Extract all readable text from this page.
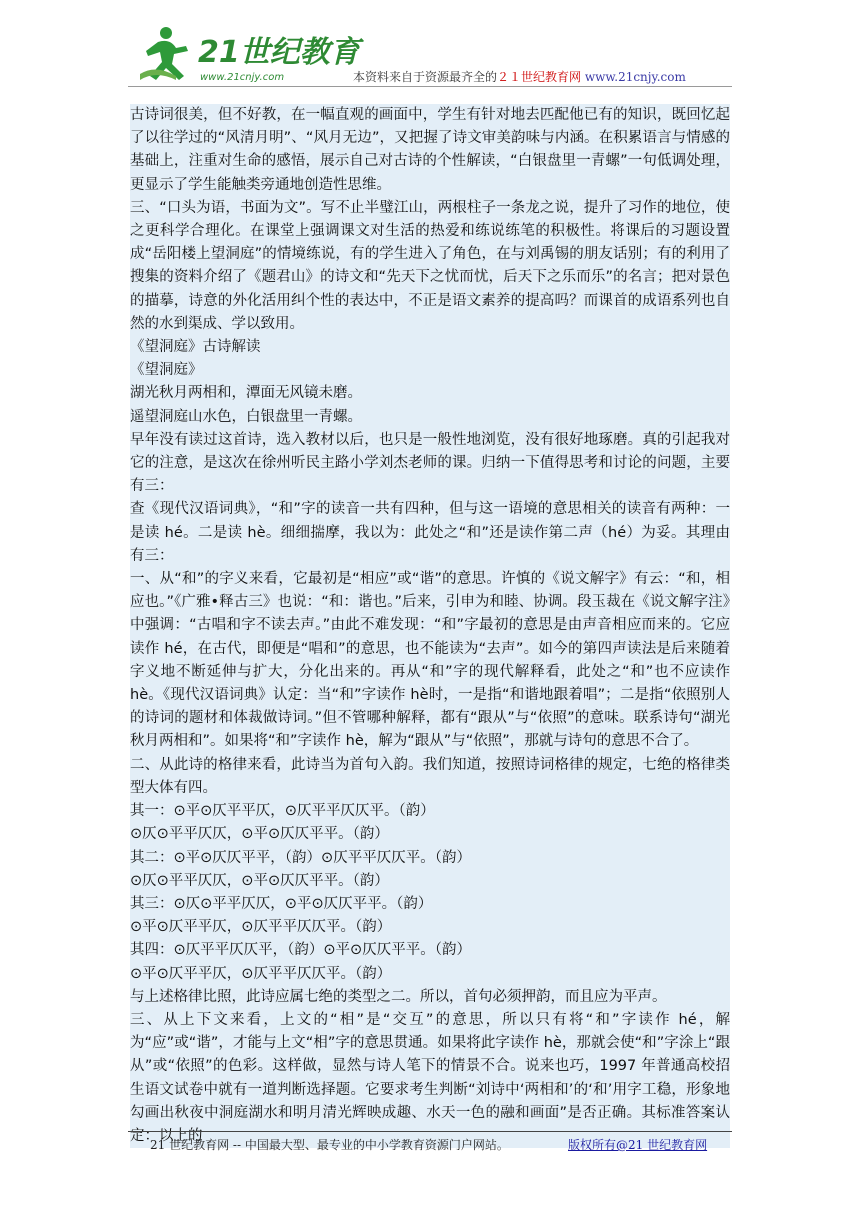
21世纪教育
www.21cnjy.com	本资料来自于资源最齐全的２１世纪教育网 www.21cnjy.com

古诗词很美，但不好教，在一幅直观的画面中，学生有针对地去匹配他已有的知识，既回忆起了以往学过的“风清月明”、“风月无边”，又把握了诗文审美韵味与内涵。在积累语言与情感的基础上，注重对生命的感悟，展示自己对古诗的个性解读，“白银盘里一青螺”一句低调处理，更显示了学生能触类旁通地创造性思维。

三、“口头为语，书面为文”。写不止半璧江山，两根柱子一条龙之说，提升了习作的地位，使之更科学合理化。在课堂上强调课文对生活的热爱和练说练笔的积极性。将课后的习题设置成“岳阳楼上望洞庭”的情境练说，有的学生进入了角色，在与刘禹锡的朋友话别；有的利用了搜集的资料介绍了《题君山》的诗文和“先天下之忧而忧，后天下之乐而乐”的名言；把对景色的描摹，诗意的外化活用纠个性的表达中，不正是语文素养的提高吗？而课首的成语系列也自然的水到渠成、学以致用。

《望洞庭》古诗解读

《望洞庭》

湖光秋月两相和，潭面无风镜未磨。

遥望洞庭山水色，白银盘里一青螺。

早年没有读过这首诗，选入教材以后，也只是一般性地浏览，没有很好地琢磨。真的引起我对它的注意，是这次在徐州听民主路小学刘杰老师的课。归纳一下值得思考和讨论的问题，主要有三：

查《现代汉语词典》，“和”字的读音一共有四种，但与这一语境的意思相关的读音有两种：一是读 hé。二是读 hè。细细揣摩，我以为：此处之“和”还是读作第二声（hé）为妥。其理由有三：

一、从“和”的字义来看，它最初是“相应”或“谐”的意思。许慎的《说文解字》有云：“和，相应也。”《广雅•释古三》也说：“和：谐也。”后来，引申为和睦、协调。段玉裁在《说文解字注》中强调：“古唱和字不读去声。”由此不难发现：“和”字最初的意思是由声音相应而来的。它应读作 hé，在古代，即便是“唱和”的意思，也不能读为“去声”。如今的第四声读法是后来随着字义地不断延伸与扩大，分化出来的。再从“和”字的现代解释看，此处之“和”也不应读作 hè。《现代汉语词典》认定：当“和”字读作 hè时，一是指“和谐地跟着唱”；二是指“依照别人的诗词的题材和体裁做诗词。”但不管哪种解释，都有“跟从”与“依照”的意味。联系诗句“湖光秋月两相和”。如果将“和”字读作 hè，解为“跟从”与“依照”，那就与诗句的意思不合了。

二、从此诗的格律来看，此诗当为首句入韵。我们知道，按照诗词格律的规定，七绝的格律类型大体有四。

其一：⊙平⊙仄平平仄，⊙仄平平仄仄平。（韵）

⊙仄⊙平平仄仄，⊙平⊙仄仄平平。（韵）

其二：⊙平⊙仄仄平平，（韵）⊙仄平平仄仄平。（韵）

⊙仄⊙平平仄仄，⊙平⊙仄仄平平。（韵）

其三：⊙仄⊙平平仄仄，⊙平⊙仄仄平平。（韵）

⊙平⊙仄平平仄，⊙仄平平仄仄平。（韵）

其四：⊙仄平平仄仄平，（韵）⊙平⊙仄仄平平。（韵）

⊙平⊙仄平平仄，⊙仄平平仄仄平。（韵）

与上述格律比照，此诗应属七绝的类型之二。所以，首句必须押韵，而且应为平声。

三、从上下文来看，上文的“相”是“交互”的意思，所以只有将“和”字读作 hé，解为“应”或“谐”，才能与上文“相”字的意思贯通。如果将此字读作 hè，那就会使“和”字涂上“跟从”或“依照”的色彩。这样做，显然与诗人笔下的情景不合。说来也巧，1997 年普通高校招生语文试卷中就有一道判断选择题。它要求考生判断“刘诗中‘两相和’的‘和’用字工稳，形象地勾画出秋夜中洞庭湖水和明月清光辉映成趣、水天一色的融和画面”是否正确。其标准答案认定：以上的

21 世纪教育网 -- 中国最大型、最专业的中小学教育资源门户网站。	版权所有@21 世纪教育网
